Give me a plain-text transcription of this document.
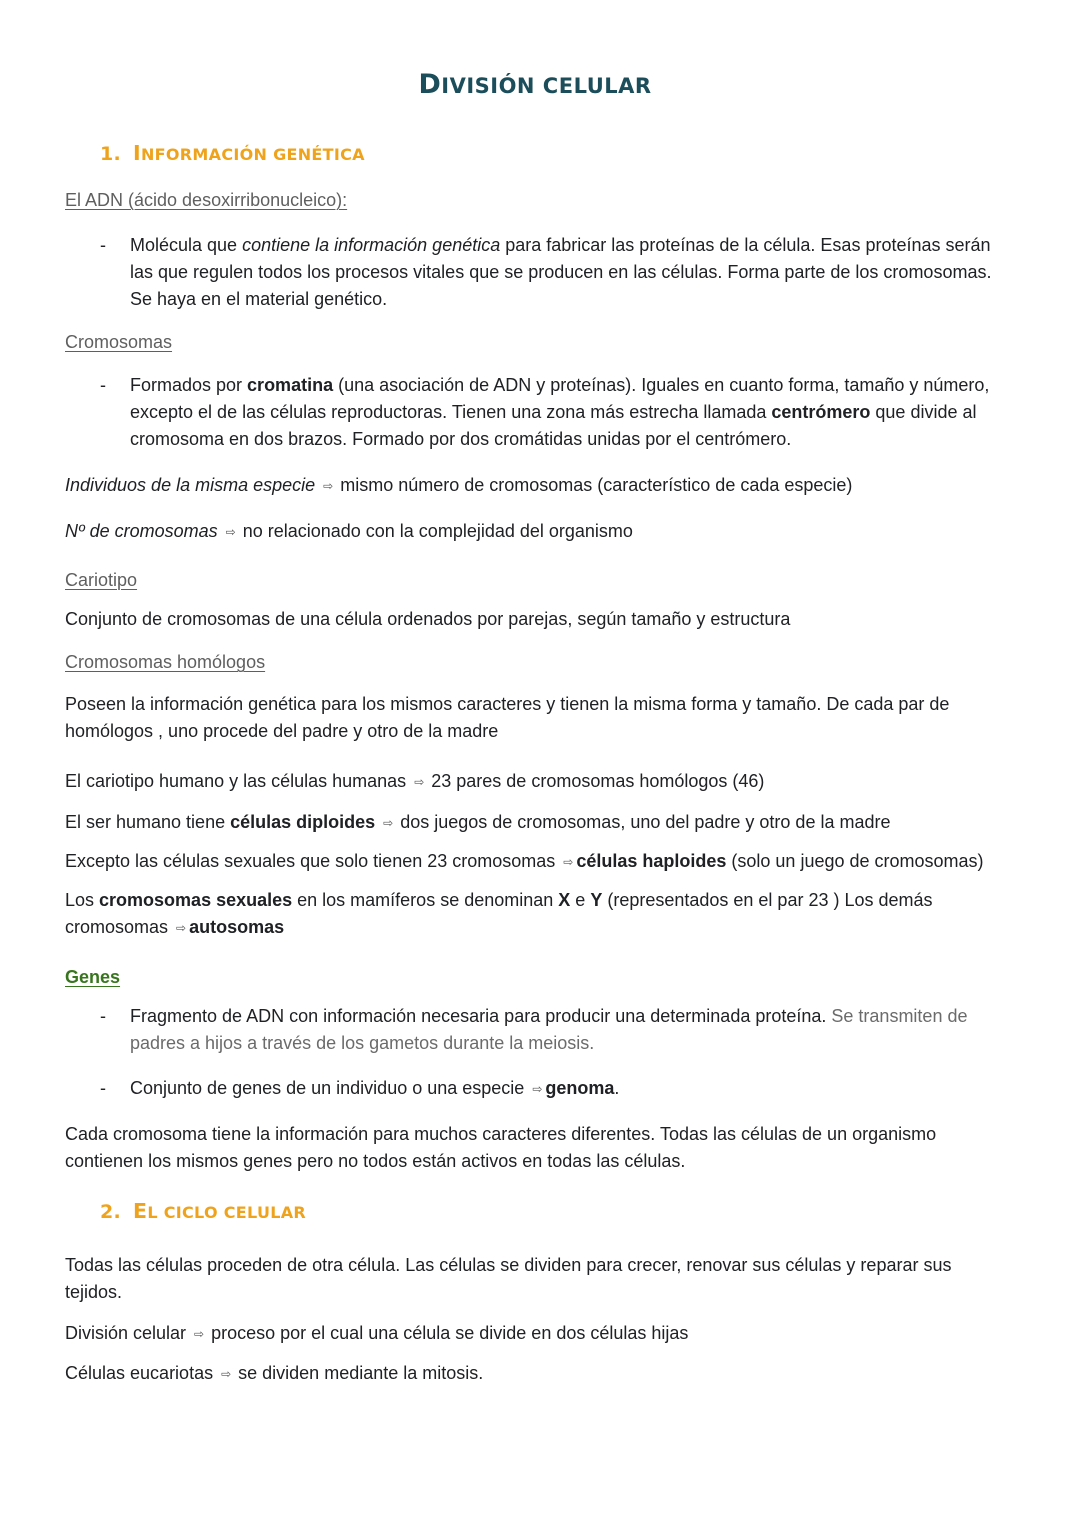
DIVISIÓN CELULAR
1. INFORMACIÓN GENÉTICA
El ADN (ácido desoxirribonucleico):
- Molécula que contiene la información genética para fabricar las proteínas de la célula. Esas proteínas serán las que regulen todos los procesos vitales que se producen en las células. Forma parte de los cromosomas. Se haya en el material genético.
Cromosomas
- Formados por cromatina (una asociación de ADN y proteínas). Iguales en cuanto forma, tamaño y número, excepto el de las células reproductoras. Tienen una zona más estrecha llamada centrómero que divide al cromosoma en dos brazos. Formado por dos cromátidas unidas por el centrómero.
Individuos de la misma especie ⇨ mismo número de cromosomas (característico de cada especie)
Nº de cromosomas ⇨ no relacionado con la complejidad del organismo
Cariotipo
Conjunto de cromosomas de una célula ordenados por parejas, según tamaño y estructura
Cromosomas homólogos
Poseen la información genética para los mismos caracteres y tienen la misma forma y tamaño. De cada par de homólogos , uno procede del padre y otro de la madre
El cariotipo humano y las células humanas ⇨ 23 pares de cromosomas homólogos (46)
El ser humano tiene células diploides ⇨ dos juegos de cromosomas, uno del padre y otro de la madre
Excepto las células sexuales que solo tienen 23 cromosomas ⇨ células haploides (solo un juego de cromosomas)
Los cromosomas sexuales en los mamíferos se denominan X e Y (representados en el par 23 ) Los demás cromosomas ⇨ autosomas
Genes
- Fragmento de ADN con información necesaria para producir una determinada proteína. Se transmiten de padres a hijos a través de los gametos durante la meiosis.
- Conjunto de genes de un individuo o una especie ⇨ genoma.
Cada cromosoma tiene la información para muchos caracteres diferentes. Todas las células de un organismo contienen los mismos genes pero no todos están activos en todas las células.
2. EL CICLO CELULAR
Todas las células proceden de otra célula. Las células se dividen para crecer, renovar sus células y reparar sus tejidos.
División celular ⇨ proceso por el cual una célula se divide en dos células hijas
Células eucariotas ⇨ se dividen mediante la mitosis.
